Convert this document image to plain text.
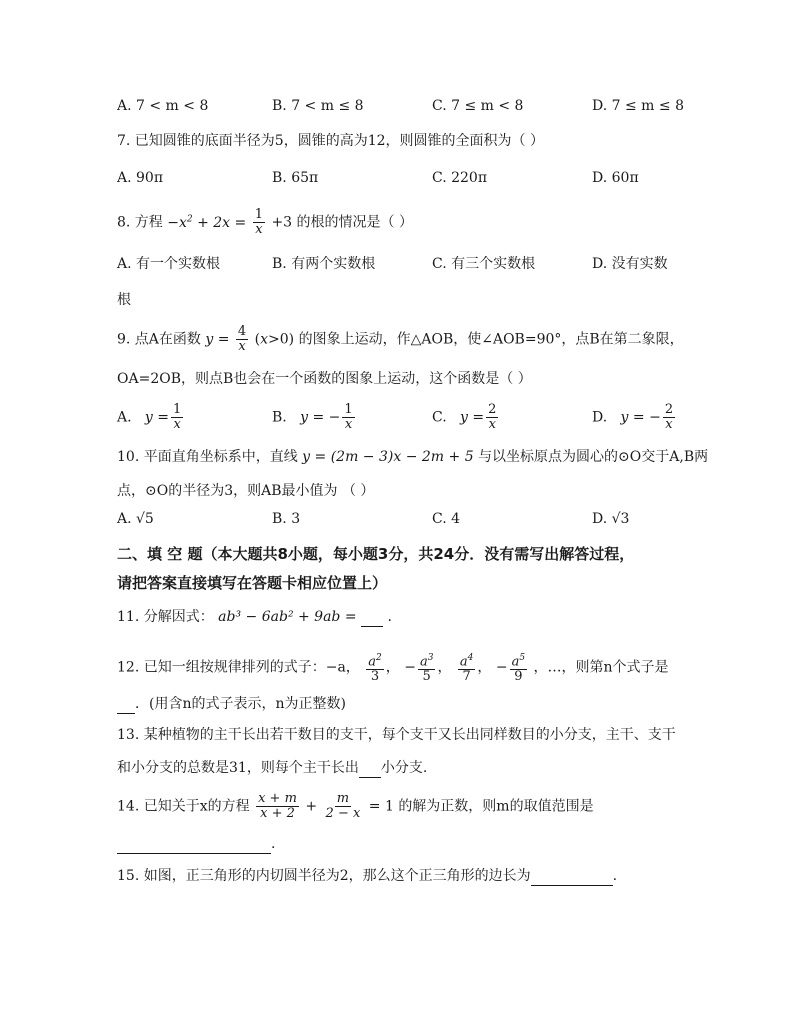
A. 7 < m < 8	B. 7 < m ≤ 8	C. 7 ≤ m < 8	D. 7 ≤ m ≤ 8
7. 已知圆锥的底面半径为5，圆锥的高为12，则圆锥的全面积为（ ）
A. 90π	B. 65π	C. 220π	D. 60π
8. 方程 $-x^2 + 2x = \frac{1}{x} +3$ 的根的情况是（ ）
A. 有一个实数根	B. 有两个实数根	C. 有三个实数根	D. 没有实数
根
9. 点A在函数 $y = \frac{4}{x} (x>0)$ 的图象上运动，作△AOB，使∠AOB=90°，点B在第二象限，
OA=2OB，则点B也会在一个函数的图象上运动，这个函数是（ ）
A.   $y = \frac{1}{x}$	B.   y = − $\frac{1}{x}$	C.   $y = \frac{2}{x}$	D.   y = − $\frac{2}{x}$
10. 平面直角坐标系中，直线 y = (2m − 3)x − 2m + 5 与以坐标原点为圆心的⊙O交于A,B两
点，⊙O的半径为3，则AB最小值为 （ ）
A. √5	B. 3	C. 4	D. √3
二、填 空 题（本大题共8小题，每小题3分，共24分．没有需写出解答过程，
请把答案直接填写在答题卡相应位置上）
11. 分解因式： ab³ − 6ab² + 9ab = .
12. 已知一组按规律排列的式子：−a， $\frac{a^2}{3}$ ， − $\frac{a^3}{5}$ ， $\frac{a^4}{7}$ ， − $\frac{a^5}{9}$ ，…，则第n个式子是
．(用含n的式子表示，n为正整数)
13. 某种植物的主干长出若干数目的支干，每个支干又长出同样数目的小分支，主干、支干
和小分支的总数是31，则每个主干长出 小分支.
14. 已知关于x的方程 $\frac{x + m}{x + 2} + \frac{m}{2 - x} = 1$ 的解为正数，则m的取值范围是
.
15. 如图，正三角形的内切圆半径为2，那么这个正三角形的边长为	.
